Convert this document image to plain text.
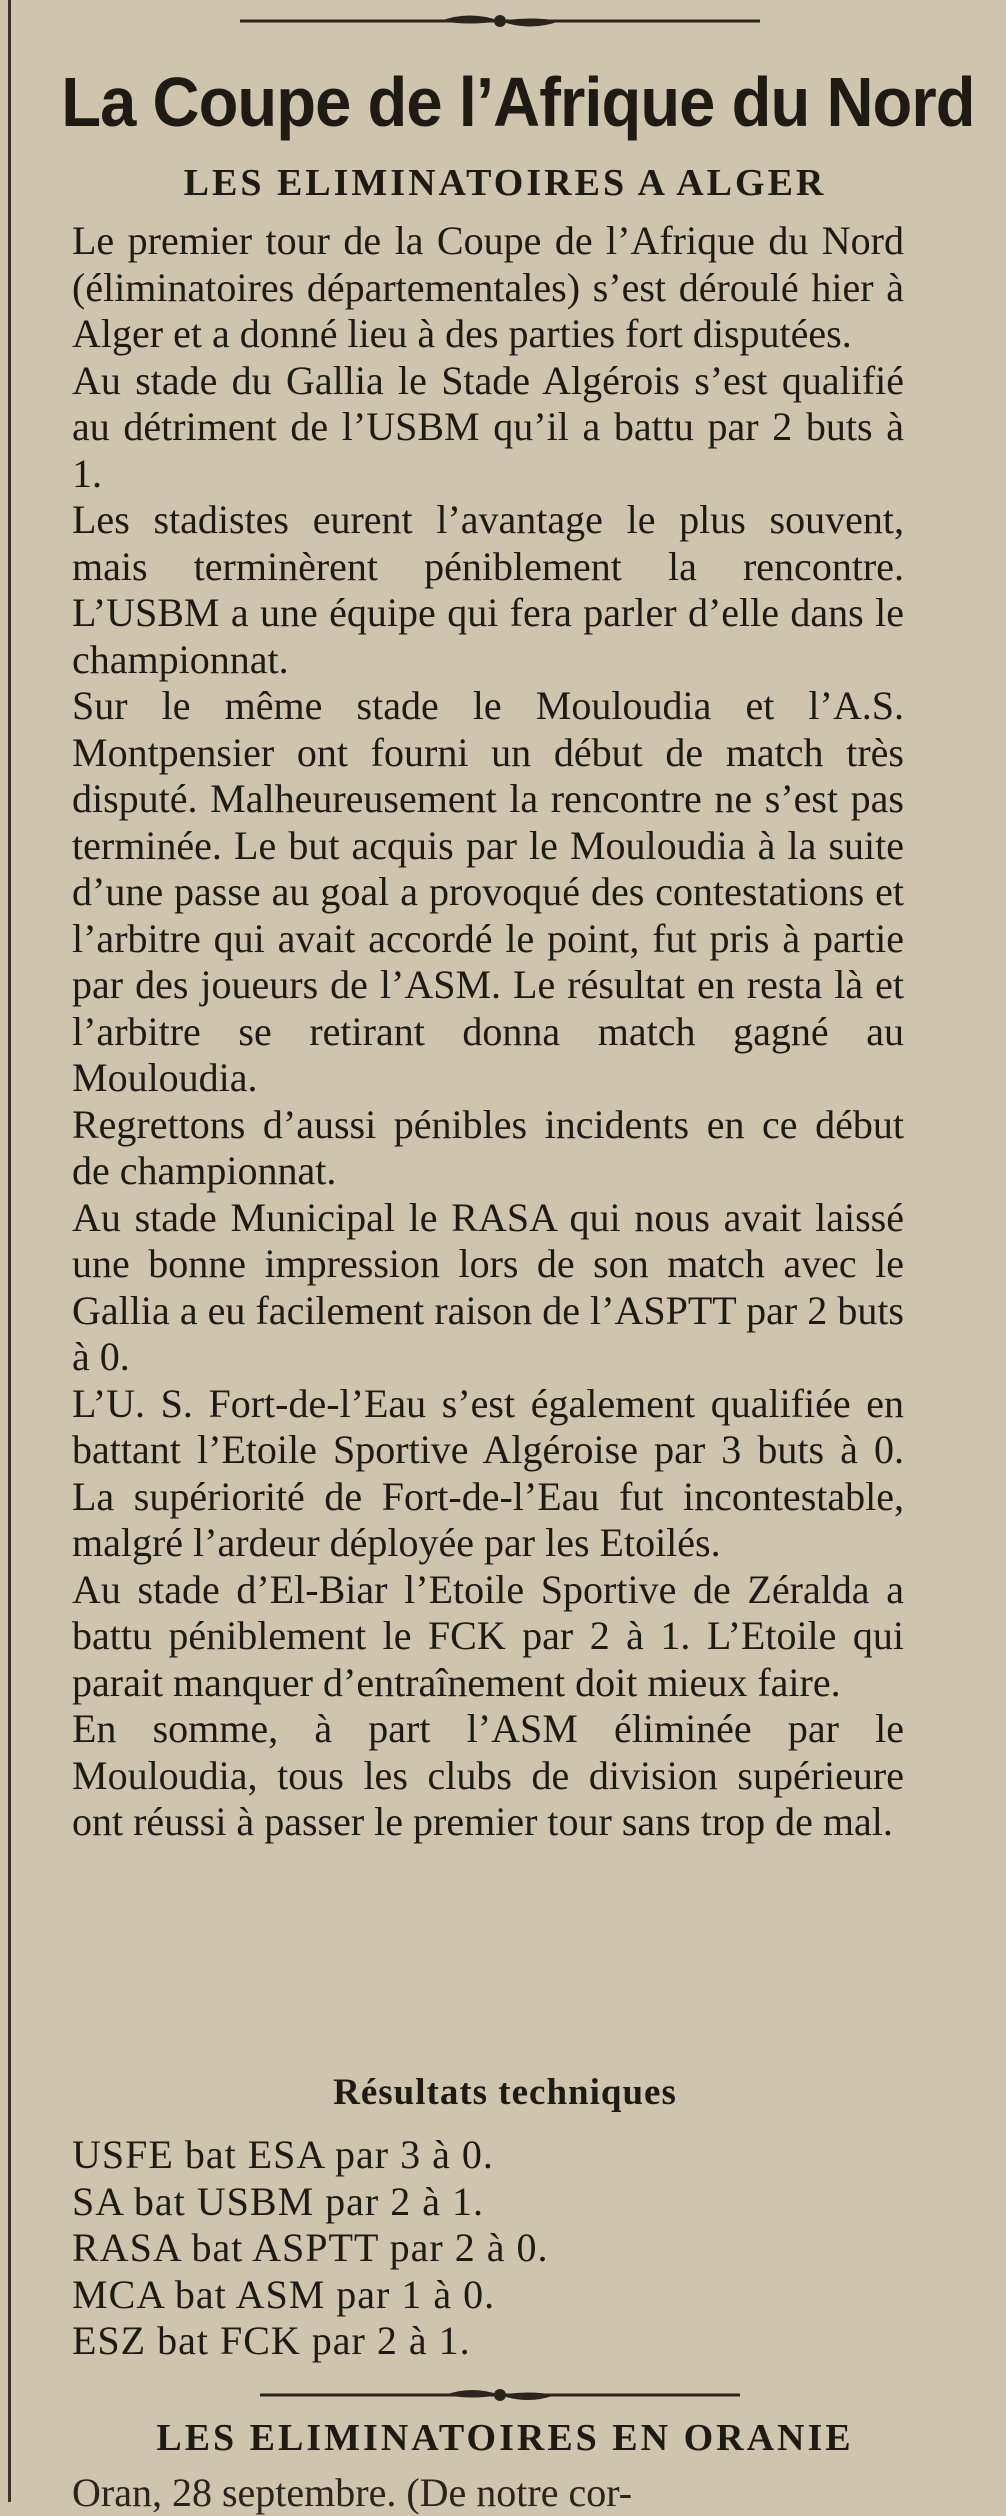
La Coupe de l’Afrique du Nord
LES ELIMINATOIRES A ALGER

Le premier tour de la Coupe de l’Afrique du Nord (éliminatoires départementales) s’est déroulé hier à Alger et a donné lieu à des parties fort disputées.

Au stade du Gallia le Stade Algérois s’est qualifié au détriment de l’USBM qu’il a battu par 2 buts à 1.

Les stadistes eurent l’avantage le plus souvent, mais terminèrent péniblement la rencontre. L’USBM a une équipe qui fera parler d’elle dans le championnat.

Sur le même stade le Mouloudia et l’A.S. Montpensier ont fourni un début de match très disputé. Malheureusement la rencontre ne s’est pas terminée. Le but acquis par le Mouloudia à la suite d’une passe au goal a provoqué des contestations et l’arbitre qui avait accordé le point, fut pris à partie par des joueurs de l’ASM. Le résultat en resta là et l’arbitre se retirant donna match gagné au Mouloudia.

Regrettons d’aussi pénibles incidents en ce début de championnat.

Au stade Municipal le RASA qui nous avait laissé une bonne impression lors de son match avec le Gallia a eu facilement raison de l’ASPTT par 2 buts à 0.

L’U. S. Fort-de-l’Eau s’est également qualifiée en battant l’Etoile Sportive Algéroise par 3 buts à 0. La supériorité de Fort-de-l’Eau fut incontestable, malgré l’ardeur déployée par les Etoilés.

Au stade d’El-Biar l’Etoile Sportive de Zéralda a battu péniblement le FCK par 2 à 1. L’Etoile qui parait manquer d’entraînement doit mieux faire.

En somme, à part l’ASM éliminée par le Mouloudia, tous les clubs de division supérieure ont réussi à passer le premier tour sans trop de mal.

Résultats techniques
USFE bat ESA par 3 à 0.
SA bat USBM par 2 à 1.
RASA bat ASPTT par 2 à 0.
MCA bat ASM par 1 à 0.
ESZ bat FCK par 2 à 1.
LES ELIMINATOIRES EN ORANIE
Oran, 28 septembre. (De notre cor-
